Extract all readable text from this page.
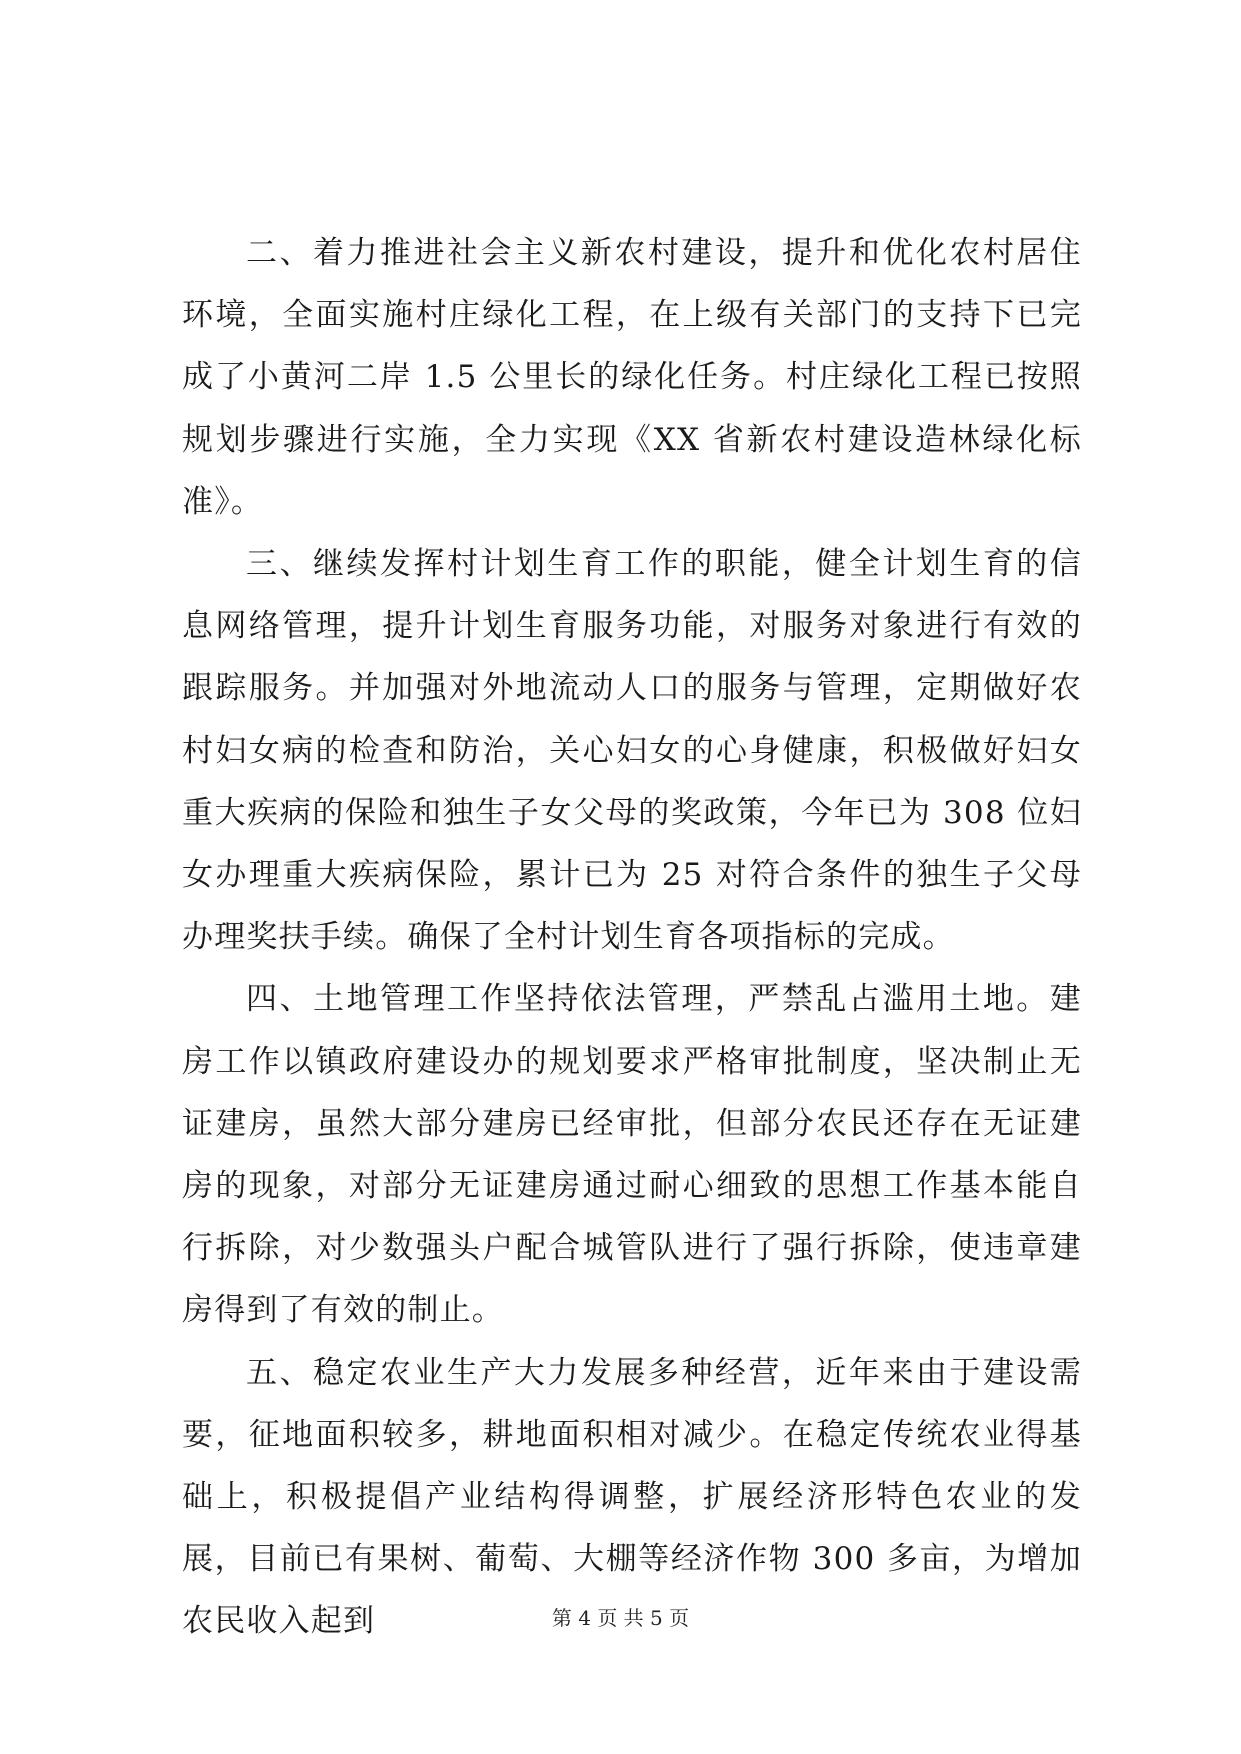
二、着力推进社会主义新农村建设，提升和优化农村居住环境，全面实施村庄绿化工程，在上级有关部门的支持下已完成了小黄河二岸 1.5 公里长的绿化任务。村庄绿化工程已按照规划步骤进行实施，全力实现《XX 省新农村建设造林绿化标准》。

三、继续发挥村计划生育工作的职能，健全计划生育的信息网络管理，提升计划生育服务功能，对服务对象进行有效的跟踪服务。并加强对外地流动人口的服务与管理，定期做好农村妇女病的检查和防治，关心妇女的心身健康，积极做好妇女重大疾病的保险和独生子女父母的奖政策，今年已为 308 位妇女办理重大疾病保险，累计已为 25 对符合条件的独生子父母办理奖扶手续。确保了全村计划生育各项指标的完成。

四、土地管理工作坚持依法管理，严禁乱占滥用土地。建房工作以镇政府建设办的规划要求严格审批制度，坚决制止无证建房，虽然大部分建房已经审批，但部分农民还存在无证建房的现象，对部分无证建房通过耐心细致的思想工作基本能自行拆除，对少数强头户配合城管队进行了强行拆除，使违章建房得到了有效的制止。

五、稳定农业生产大力发展多种经营，近年来由于建设需要，征地面积较多，耕地面积相对减少。在稳定传统农业得基础上，积极提倡产业结构得调整，扩展经济形特色农业的发展，目前已有果树、葡萄、大棚等经济作物 300 多亩，为增加农民收入起到	第 4 页 共 5 页
